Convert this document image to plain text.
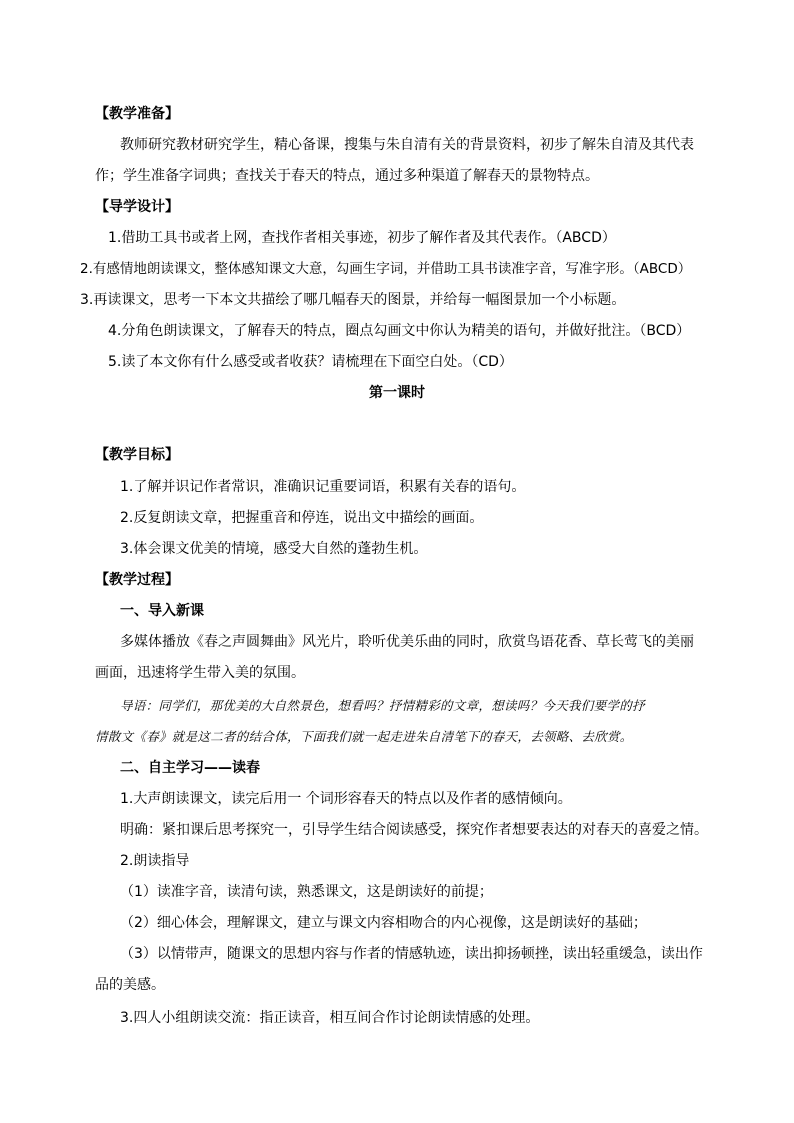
【教学准备】
教师研究教材研究学生，精心备课，搜集与朱自清有关的背景资料，初步了解朱自清及其代表
作；学生准备字词典；查找关于春天的特点，通过多种渠道了解春天的景物特点。
【导学设计】
1.借助工具书或者上网，查找作者相关事迹，初步了解作者及其代表作。（ABCD）
2.有感情地朗读课文，整体感知课文大意，勾画生字词，并借助工具书读准字音，写准字形。（ABCD）
3.再读课文，思考一下本文共描绘了哪几幅春天的图景，并给每一幅图景加一个小标题。
4.分角色朗读课文，了解春天的特点，圈点勾画文中你认为精美的语句，并做好批注。（BCD）
5.读了本文你有什么感受或者收获？请梳理在下面空白处。（CD）
第一课时
【教学目标】
1.了解并识记作者常识，准确识记重要词语，积累有关春的语句。
2.反复朗读文章，把握重音和停连，说出文中描绘的画面。
3.体会课文优美的情境，感受大自然的蓬勃生机。
【教学过程】
一、导入新课
多媒体播放《春之声圆舞曲》风光片，聆听优美乐曲的同时，欣赏鸟语花香、草长莺飞的美丽
画面，迅速将学生带入美的氛围。
导语：同学们，那优美的大自然景色，想看吗？抒情精彩的文章，想读吗？今天我们要学的抒
情散文《春》就是这二者的结合体，下面我们就一起走进朱自清笔下的春天，去领略、去欣赏。
二、自主学习——读春
1.大声朗读课文，读完后用一 个词形容春天的特点以及作者的感情倾向。
明确：紧扣课后思考探究一，引导学生结合阅读感受，探究作者想要表达的对春天的喜爱之情。
2.朗读指导
（1）读准字音，读清句读，熟悉课文，这是朗读好的前提；
（2）细心体会，理解课文，建立与课文内容相吻合的内心视像，这是朗读好的基础；
（3）以情带声，随课文的思想内容与作者的情感轨迹，读出抑扬顿挫，读出轻重缓急，读出作
品的美感。
3.四人小组朗读交流：指正读音，相互间合作讨论朗读情感的处理。
